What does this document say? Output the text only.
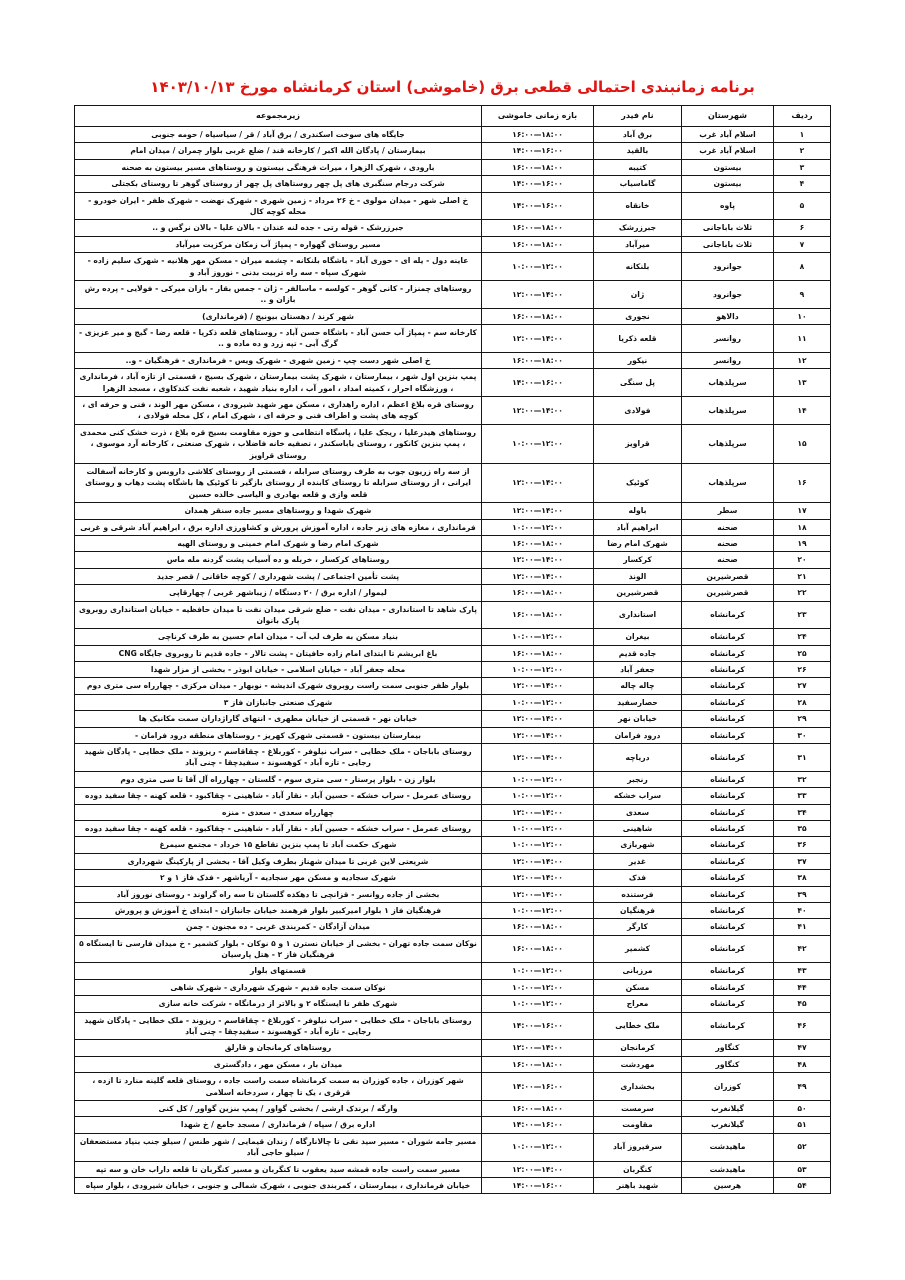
برنامه زمانبندی احتمالی قطعی برق (خاموشی) استان کرمانشاه مورخ ۱۴۰۳/۱۰/۱۳
ردیف	شهرستان	نام فیدر	بازه زمانی خاموشی	زیرمجموعه
۱	اسلام آباد غرب	برق آباد	۱۶:۰۰—۱۸:۰۰	جایگاه های سوخت اسکندری / برق آباد / قر / سیاسیاه / حومه جنوبی
۲	اسلام آباد غرب	بالقید	۱۴:۰۰—۱۶:۰۰	بیمارستان / پادگان الله اکبر / کارخانه قند / ضلع غربی بلوار چمران / میدان امام
۳	بیستون	کتیبه	۱۶:۰۰—۱۸:۰۰	بارودی ، شهرک الزهرا ، میراث فرهنگی بیستون و روستاهای مسیر بیستون به صحنه
۴	بیستون	گاماسیاب	۱۴:۰۰—۱۶:۰۰	شرکت درجام سنگبری های پل چهر روستاهای پل چهر از روستای گوهر تا روستای بکجتلی
۵	پاوه	خانقاه	۱۴:۰۰—۱۶:۰۰	خ اصلی شهر - میدان مولوی - خ ۲۶ مرداد - زمین شهری - شهرک نهضت - شهرک ظفر - ایران خودرو - محله کوچه کال
۶	ثلاث باباجانی	جبرزرشک	۱۶:۰۰—۱۸:۰۰	جبرزرشک - قوله رتی - جده لنه عندان - بالان علیا - بالان نرگس و ..
۷	ثلاث باباجانی	میرآباد	۱۶:۰۰—۱۸:۰۰	مسیر روستای گهواره - پمپاژ آب زمکان مرکزیت میرآباد
۸	جوانرود	بلنکانه	۱۰:۰۰—۱۲:۰۰	عاینه دول - یله ای - حوری آباد - باشگاه بلنکانه - چشمه میران - مسکن مهر هلانیه - شهرک سلیم زاده - شهرک سپاه - سه راه تربیت بدنی - نوروز آباد و
۹	جوانرود	ژان	۱۲:۰۰—۱۴:۰۰	روستاهای چمنزار - کانی گوهر - کولسه - ماسالفر - ژان - جمس بقار - بازان میرکی - فولایی - پرده رش بازان و ..
۱۰	دالاهو	نجوری	۱۶:۰۰—۱۸:۰۰	شهر کرند / دهستان بیونیج / (فرمانداری)
۱۱	روانسر	قلعه ذکریا	۱۲:۰۰—۱۴:۰۰	کارخانه سم - پمپاژ آب حسن آباد - باشگاه حسن آباد - روستاهای قلعه ذکریا - قلعه رضا - گیج و میر عزیزی - گرگ آبی - تپه زرد و ده ماده و ..
۱۲	روانسر	نیکور	۱۶:۰۰—۱۸:۰۰	خ اصلی شهر دست چپ - زمین شهری - شهرک ویس - فرمانداری - فرهنگیان - و..
۱۳	سرپلذهاب	پل سنگی	۱۴:۰۰—۱۶:۰۰	پمپ بنزین اول شهر ، بیمارستان ، شهرک پشت بیمارستان ، شهرک بسیج ، قسمتی از تازه آباد ، فرمانداری ، ورزشگاه احرار ، کمیته امداد ، امور آب ، اداره بنیاد شهید ، شعبه نفت کندکاوی ، مسجد الزهرا
۱۴	سرپلذهاب	فولادی	۱۲:۰۰—۱۴:۰۰	روستای قره بلاغ اعظم ، اداره راهداری ، مسکن مهر شهید شیرودی ، مسکن مهر الوند ، فنی و حرفه ای ، کوچه های پشت و اطراف فنی و حرفه ای ، شهرک امام ، کل محله فولادی ،
۱۵	سرپلذهاب	قراویز	۱۰:۰۰—۱۲:۰۰	روستاهای هیدرعلیا ، ریجک علیا ، پاسگاه انتظامی و حوزه مقاومت بسیج قره بلاغ ، ذرت خشک کنی محمدی ، پمپ بنزین کانکور ، روستای باباسکندر ، تصفیه خانه فاضلاب ، شهرک صنعتی ، کارخانه آرد موسوی ، روستای قراویز
۱۶	سرپلذهاب	کوئیک	۱۲:۰۰—۱۴:۰۰	از سه راه زریون جوب به طرف روستای سرابله ، قسمتی از روستای کلاشی داروبس و کارخانه آسفالت ایرانی ، از روستای سرابله تا روستای کابنده از روستای بازگیر تا کوئیک ها باشگاه پشت دهاب و روستای قلعه وازی و قلعه بهادری و الیاسی خالده حسین
۱۷	سطر	باوله	۱۲:۰۰—۱۴:۰۰	شهرک شهدا و روستاهای مسیر جاده سنقر همدان
۱۸	صحنه	ابراهیم آباد	۱۰:۰۰—۱۲:۰۰	فرمانداری ، مغازه های زیر جاده ، اداره آموزش پرورش و کشاورزی اداره برق ، ابراهیم آباد شرقی و غربی
۱۹	صحنه	شهرک امام رضا	۱۶:۰۰—۱۸:۰۰	شهرک امام رضا و شهرک امام خمینی و روستای الهیه
۲۰	صحنه	کرکسار	۱۲:۰۰—۱۴:۰۰	روستاهای کرکسار ، خربله و ده آسیاب پشت گردنه مله ماس
۲۱	قصرشیرین	الوند	۱۲:۰۰—۱۴:۰۰	پشت تأمین اجتماعی / پشت شهرداری / کوچه خاقانی / قصر جدید
۲۲	قصرشیرین	قصرشیرین	۱۶:۰۰—۱۸:۰۰	لیموار / اداره برق / ۲۰ دستگاه / زیباشهر غربی / چهارقاپی
۲۳	کرمانشاه	استانداری	۱۶:۰۰—۱۸:۰۰	پارک شاهد تا استانداری - میدان نفت - ضلع شرقی میدان نفت تا میدان حافظیه - خیابان استانداری روبروی پارک بانوان
۲۴	کرمانشاه	بیغران	۱۰:۰۰—۱۲:۰۰	بنیاد مسکن به طرف لب آب - میدان امام حسین به طرف کرناچی
۲۵	کرمانشاه	جاده قدیم	۱۶:۰۰—۱۸:۰۰	باغ ابریشم تا ابتدای امام زاده حافیتان - پشت تالار - جاده قدیم تا روبروی جایگاه CNG
۲۶	کرمانشاه	جعفر آباد	۱۰:۰۰—۱۲:۰۰	محله جعفر آباد - خیابان اسلامی - خیابان ابوذر - بخشی از مزار شهدا
۲۷	کرمانشاه	چاله چاله	۱۲:۰۰—۱۴:۰۰	بلوار ظفر جنوبی سمت راست روبروی شهرک اندیشه - نوبهار - میدان مرکزی - چهارراه سی متری دوم
۲۸	کرمانشاه	حصارسفید	۱۰:۰۰—۱۲:۰۰	شهرک صنعتی جانبازان فاز ۳
۲۹	کرمانشاه	خیابان نهر	۱۲:۰۰—۱۴:۰۰	خیابان نهر - قسمتی از خیابان مطهری - انتهای گاراژداران سمت مکانیک ها
۳۰	کرمانشاه	درود فرامان	۱۲:۰۰—۱۴:۰۰	بیمارستان بیستون - قسمتی شهرک کهریز - روستاهای منطقه درود فرامان -
۳۱	کرمانشاه	دریاچه	۱۲:۰۰—۱۴:۰۰	روستای باباجان - ملک خطایی - سراب نیلوفر - کوربلاغ - چقاقاسم - ریزوند - ملک خطایی - پادگان شهید رجایی - تازه آباد - کوهسوند - سفیدچقا - چنی آباد
۳۲	کرمانشاه	رنجبر	۱۰:۰۰—۱۲:۰۰	بلوار زن - بلوار پرستار - سی متری سوم - گلستان - چهارراه آل آقا تا سی متری دوم
۳۳	کرمانشاه	سراب خشکه	۱۰:۰۰—۱۲:۰۰	روستای عمرمل - سراب خشکه - حسین آباد - نقار آباد - شاهینی - چقاکبود - قلعه کهنه - چقا سفید دوده
۳۴	کرمانشاه	سعدی	۱۲:۰۰—۱۴:۰۰	چهارراه سعدی - سعدی - منزه
۳۵	کرمانشاه	شاهینی	۱۰:۰۰—۱۲:۰۰	روستای عمرمل - سراب خشکه - حسین آباد - نقار آباد - شاهینی - چقاکبود - قلعه کهنه - چقا سفید دوده
۳۶	کرمانشاه	شهربازی	۱۰:۰۰—۱۲:۰۰	شهرک حکمت آباد تا پمپ بنزین تقاطع ۱۵ خرداد - مجتمع سیمرغ
۳۷	کرمانشاه	غدیر	۱۲:۰۰—۱۴:۰۰	شریعتی لاین غربی تا میدان شهناز بطرف وکیل آقا - بخشی از پارکینگ شهرداری
۳۸	کرمانشاه	فدک	۱۲:۰۰—۱۴:۰۰	شهرک سجادیه و مسکن مهر سجادیه - آریاشهر - فدک فاز ۱ و ۲
۳۹	کرمانشاه	فرستنده	۱۲:۰۰—۱۴:۰۰	بخشی از جاده روانسر - قزانچی تا دهکده گلستان تا سه راه گراوند - روستای نوروز آباد
۴۰	کرمانشاه	فرهنگیان	۱۰:۰۰—۱۲:۰۰	فرهنگیان فاز ۱ بلوار امیرکبیر بلوار فرهمند خیابان جانبازان - ابتدای خ آموزش و پرورش
۴۱	کرمانشاه	کارگر	۱۶:۰۰—۱۸:۰۰	میدان آزادگان - کمربندی غربی - ده مجنون - چمن
۴۲	کرمانشاه	کشمیر	۱۶:۰۰—۱۸:۰۰	نوکان سمت جاده تهران - بخشی از خیابان نسترن ۱ و ۵ نوکان - بلوار کشمیر - خ میدان فارسی تا ایستگاه ۵ فرهنگیان فاز ۲ - هتل پارسیان
۴۳	کرمانشاه	مرزبانی	۱۰:۰۰—۱۲:۰۰	قسمتهای بلوار
۴۴	کرمانشاه	مسکن	۱۰:۰۰—۱۲:۰۰	نوکان سمت جاده قدیم - شهرک شهرداری - شهرک شاهی
۴۵	کرمانشاه	معراج	۱۰:۰۰—۱۲:۰۰	شهرک ظفر تا ایستگاه ۲ و بالاتر از درمانگاه - شرکت خانه سازی
۴۶	کرمانشاه	ملک خطایی	۱۴:۰۰—۱۶:۰۰	روستای باباجان - ملک خطایی - سراب نیلوفر - کوربلاغ - چقاقاسم - ریزوند - ملک خطایی - پادگان شهید رجایی - تازه آباد - کوهسوند - سفیدچقا - چنی آباد
۴۷	کنگاور	کرمانجان	۱۲:۰۰—۱۴:۰۰	روستاهای کرمانجان و قارلق
۴۸	کنگاور	مهردشت	۱۶:۰۰—۱۸:۰۰	میدان بار ، مسکن مهر ، دادگستری
۴۹	کوزران	بخشداری	۱۴:۰۰—۱۶:۰۰	شهر کوزران ، جاده کوزران به سمت کرمانشاه سمت راست جاده ، روستای قلعه گلینه منارد تا ازده ، قرقری ، یک تا چهار ، سردخانه اسلامی
۵۰	گیلانغرب	سرمست	۱۶:۰۰—۱۸:۰۰	وارگه / برندک ارشی / بخشی گواور / پمپ بنزین گواور / کل کنی
۵۱	گیلانغرب	مقاومت	۱۴:۰۰—۱۶:۰۰	اداره برق / سپاه / فرمانداری / مسجد جامع / خ شهدا
۵۲	ماهیدشت	سرفیروز آباد	۱۰:۰۰—۱۲:۰۰	مسیر جامه شوران - مسیر سید نقی تا چالانارگاه / زندان قیمایی / شهر طنس / سیلو جنب بنیاد مستضعفان / سیلو حاجی آباد
۵۳	ماهیدشت	کنگربان	۱۲:۰۰—۱۴:۰۰	مسیر سمت راست جاده قمشه سید یعقوب تا کنگربان و مسیر کنگربان تا قلعه داراب خان و سه تپه
۵۴	هرسین	شهید باهنر	۱۴:۰۰—۱۶:۰۰	خیابان فرمانداری ، بیمارستان ، کمربندی جنوبی ، شهرک شمالی و جنوبی ، خیابان شیرودی ، بلوار سپاه
